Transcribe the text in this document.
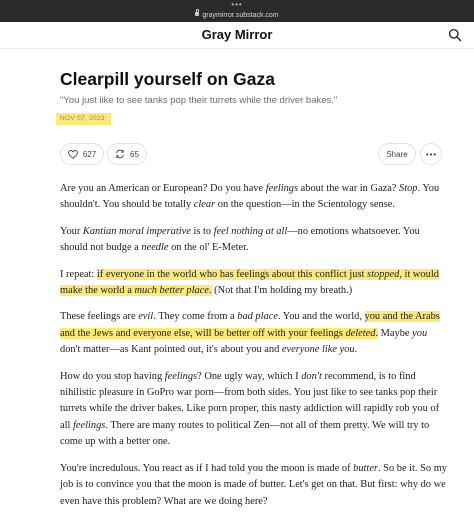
•••
graymirror.substack.com
Gray Mirror
Clearpill yourself on Gaza
"You just like to see tanks pop their turrets while the driver bakes."
NOV 07, 2023
627	65	Share

Are you an American or European? Do you have feelings about the war in Gaza? Stop. You shouldn't. You should be totally clear on the question—in the Scientology sense.

Your Kantian moral imperative is to feel nothing at all—no emotions whatsoever. You should not budge a needle on the ol' E-Meter.

I repeat: if everyone in the world who has feelings about this conflict just stopped, it would make the world a much better place. (Not that I'm holding my breath.)

These feelings are evil. They come from a bad place. You and the world, you and the Arabs and the Jews and everyone else, will be better off with your feelings deleted. Maybe you don't matter—as Kant pointed out, it's about you and everyone like you.

How do you stop having feelings? One ugly way, which I don't recommend, is to find nihilistic pleasure in GoPro war porn—from both sides. You just like to see tanks pop their turrets while the driver bakes. Like porn proper, this nasty addiction will rapidly rob you of all feelings. There are many routes to political Zen—not all of them pretty. We will try to come up with a better one.

You're incredulous. You react as if I had told you the moon is made of butter. So be it. So my job is to convince you that the moon is made of butter. Let's get on that. But first: why do we even have this problem? What are we doing here?
